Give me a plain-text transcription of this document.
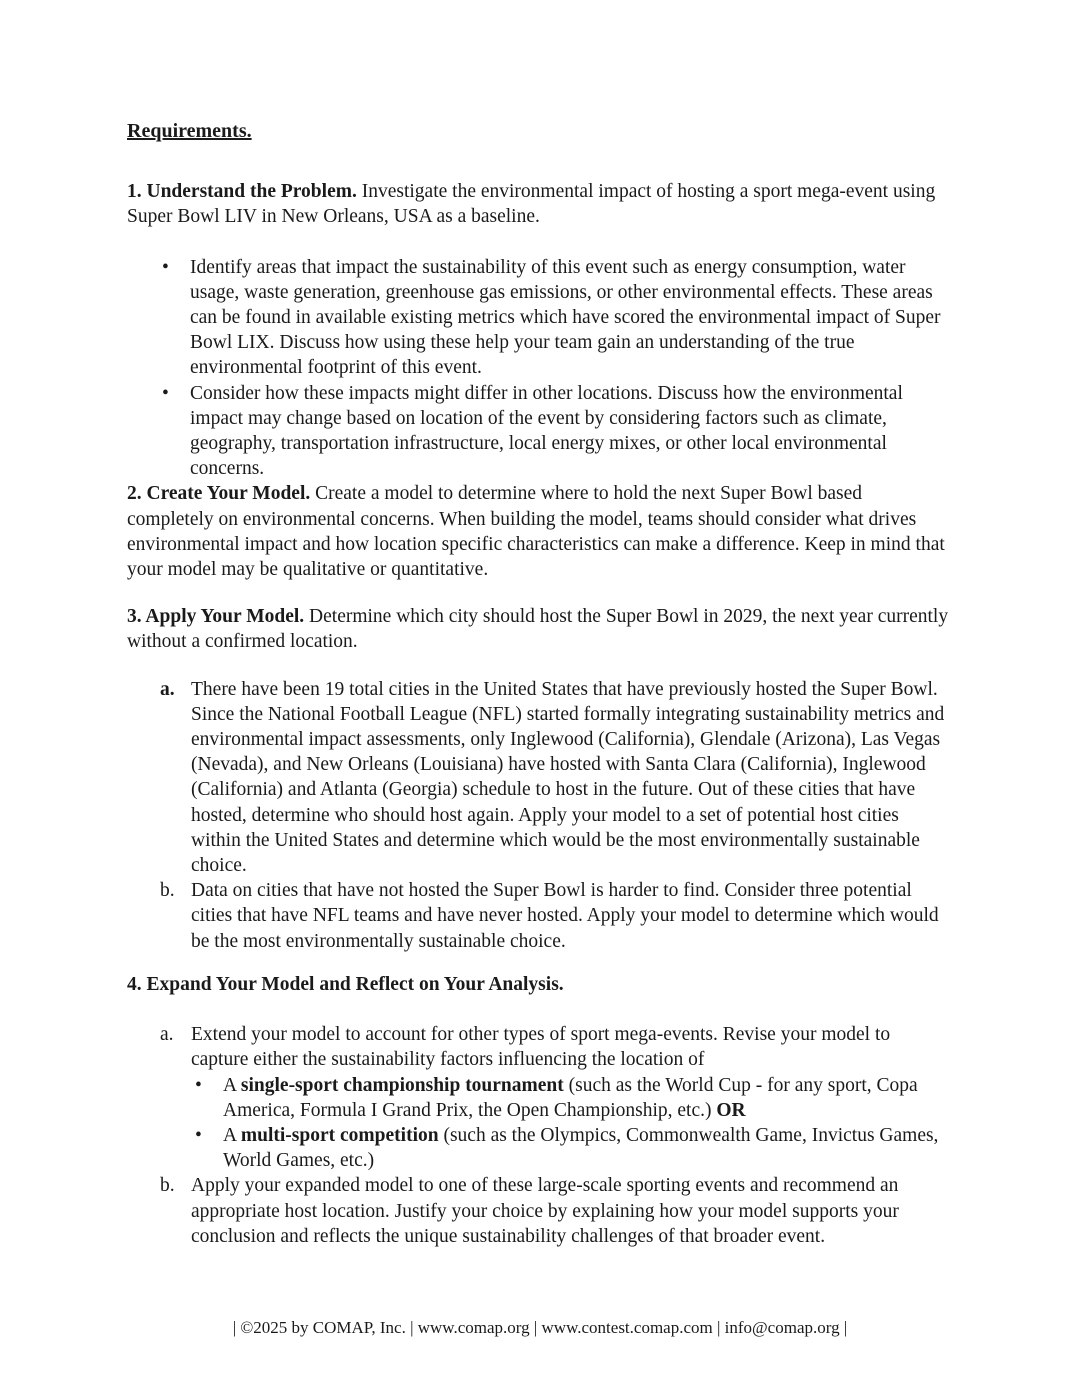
Requirements.

1. Understand the Problem. Investigate the environmental impact of hosting a sport mega-event using Super Bowl LIV in New Orleans, USA as a baseline.

•
Identify areas that impact the sustainability of this event such as energy consumption, water usage, waste generation, greenhouse gas emissions, or other environmental effects. These areas can be found in available existing metrics which have scored the environmental impact of Super Bowl LIX. Discuss how using these help your team gain an understanding of the true environmental footprint of this event.
•
Consider how these impacts might differ in other locations. Discuss how the environmental impact may change based on location of the event by considering factors such as climate, geography, transportation infrastructure, local energy mixes, or other local environmental concerns.

2. Create Your Model. Create a model to determine where to hold the next Super Bowl based completely on environmental concerns. When building the model, teams should consider what drives environmental impact and how location specific characteristics can make a difference. Keep in mind that your model may be qualitative or quantitative.

3. Apply Your Model. Determine which city should host the Super Bowl in 2029, the next year currently without a confirmed location.

a. There have been 19 total cities in the United States that have previously hosted the Super Bowl. Since the National Football League (NFL) started formally integrating sustainability metrics and environmental impact assessments, only Inglewood (California), Glendale (Arizona), Las Vegas (Nevada), and New Orleans (Louisiana) have hosted with Santa Clara (California), Inglewood (California) and Atlanta (Georgia) schedule to host in the future. Out of these cities that have hosted, determine who should host again. Apply your model to a set of potential host cities within the United States and determine which would be the most environmentally sustainable choice.
b. Data on cities that have not hosted the Super Bowl is harder to find. Consider three potential cities that have NFL teams and have never hosted. Apply your model to determine which would be the most environmentally sustainable choice.

4. Expand Your Model and Reflect on Your Analysis.

a. Extend your model to account for other types of sport mega-events. Revise your model to capture either the sustainability factors influencing the location of
•
A single-sport championship tournament (such as the World Cup - for any sport, Copa America, Formula I Grand Prix, the Open Championship, etc.) OR
•
A multi-sport competition (such as the Olympics, Commonwealth Game, Invictus Games, World Games, etc.)
b. Apply your expanded model to one of these large-scale sporting events and recommend an appropriate host location. Justify your choice by explaining how your model supports your conclusion and reflects the unique sustainability challenges of that broader event.
| ©2025 by COMAP, Inc. | www.comap.org | www.contest.comap.com | info@comap.org |
